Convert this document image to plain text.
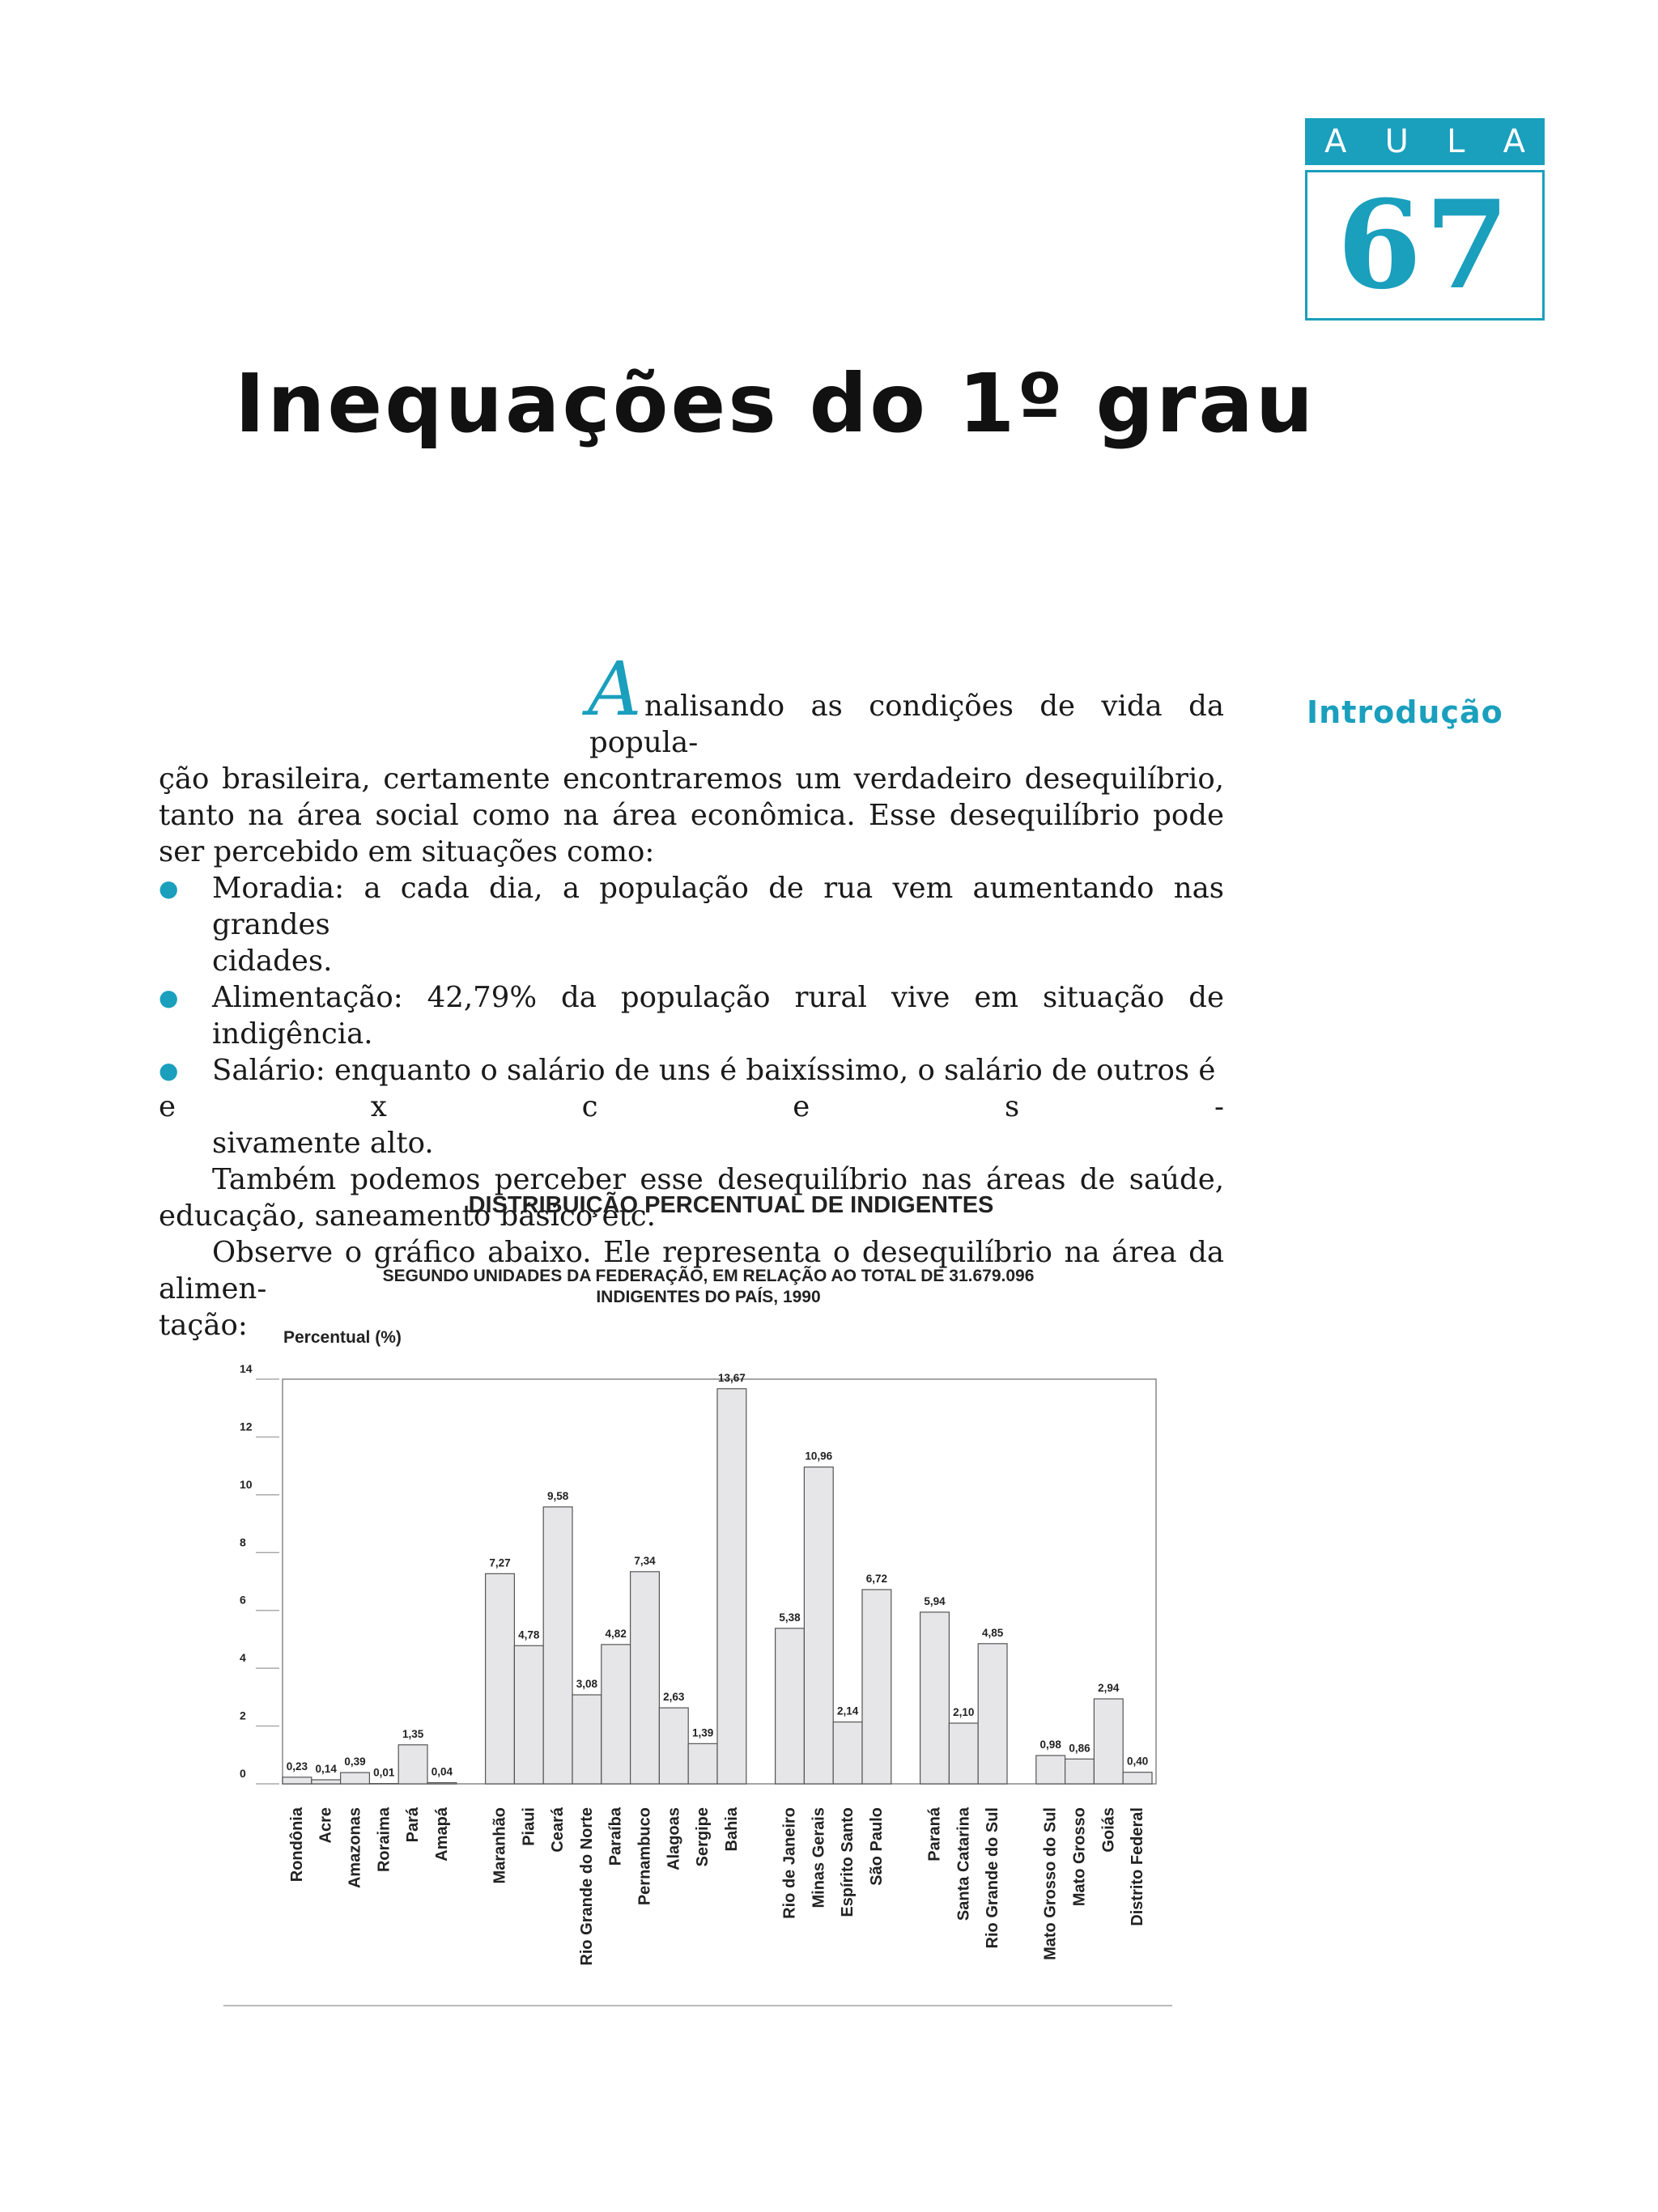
A U L A
67
Inequações do 1º grau
Introdução

A nalisando as condições de vida da popula-

ção brasileira, certamente encontraremos um verdadeiro desequilíbrio, tanto na área social como na área econômica. Esse desequilíbrio pode ser percebido em situações como:

●	Moradia: a cada dia, a população de rua vem aumentando nas grandes

cidades.

●	Alimentação: 42,79% da população rural vive em situação de indigência.
●	Salário: enquanto o salário de uns é baixíssimo, o salário de outros é
e	x	c	e	s	-

sivamente alto.

Também podemos perceber esse desequilíbrio nas áreas de saúde, educação, saneamento básico etc.

Observe o gráfico abaixo. Ele representa o desequilíbrio na área da alimen-

tação:

DISTRIBUIÇÃO PERCENTUAL DE INDIGENTES
SEGUNDO UNIDADES DA FEDERAÇÃO, EM RELAÇÃO AO TOTAL DE 31.679.096
INDIGENTES DO PAÍS, 1990
Percentual (%)
0
2
4
6
8
10
12
14
0,23
Rondônia
0,14
Acre
0,39
Amazonas
0,01
Roraima
1,35
Pará
0,04
Amapá
7,27
Maranhão
4,78
Piaui
9,58
Ceará
3,08
Rio Grande do Norte
4,82
Paraíba
7,34
Pernambuco
2,63
Alagoas
1,39
Sergipe
13,67
Bahia
5,38
Rio de Janeiro
10,96
Minas Gerais
2,14
Espírito Santo
6,72
São Paulo
5,94
Paraná
2,10
Santa Catarina
4,85
Rio Grande do Sul
0,98
Mato Grosso do Sul
0,86
Mato Grosso
2,94
Goiás
0,40
Distrito Federal
